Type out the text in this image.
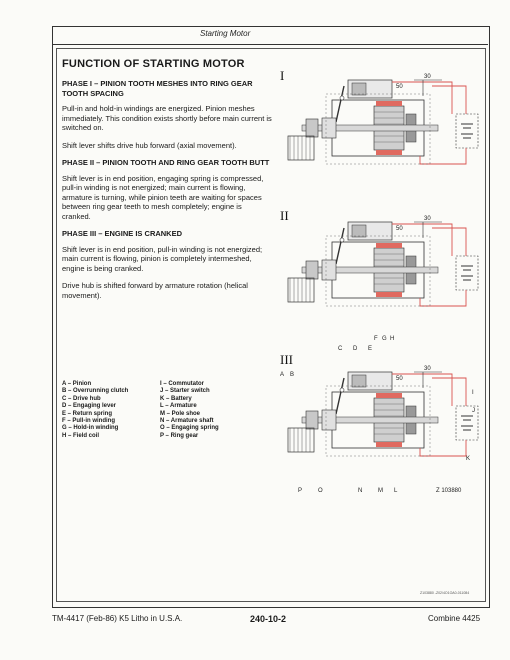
Starting Motor
FUNCTION OF STARTING MOTOR
PHASE I – PINION TOOTH MESHES INTO RING GEAR TOOTH SPACING

Pull-in and hold-in windings are energized. Pinion meshes immediately. This condition exists shortly before main current is switched on.

Shift lever shifts drive hub forward (axial movement).

PHASE II – PINION TOOTH AND RING GEAR TOOTH BUTT

Shift lever is in end position, engaging spring is compressed, pull-in winding is not energized; main current is flowing, armature is turning, while pinion teeth are waiting for spaces between ring gear teeth to mesh completely; engine is cranked.

PHASE III – ENGINE IS CRANKED

Shift lever is in end position, pull-in winding is not energized; main current is flowing, pinion is completely intermeshed, engine is being cranked.

Drive hub is shifted forward by armature rotation (helical movement).

A – Pinion
B – Overrunning clutch
C – Drive hub
D – Engaging lever
E – Return spring
F – Pull-in winding
G – Hold-in winding
H – Field coil
I – Commutator
J – Starter switch
K – Battery
L – Armature
M – Pole shoe
N – Armature shaft
O – Engaging spring
P – Ring gear
I	30
50
II	30
50
C D E
F G H
A B
III
30
50
I
J
K
P	O	N	M L	Z 103880
Z103880 -Z02/4O1OA0-011084
TM-4417 (Feb-86) K5 Litho in U.S.A.	240-10-2	Combine 4425
